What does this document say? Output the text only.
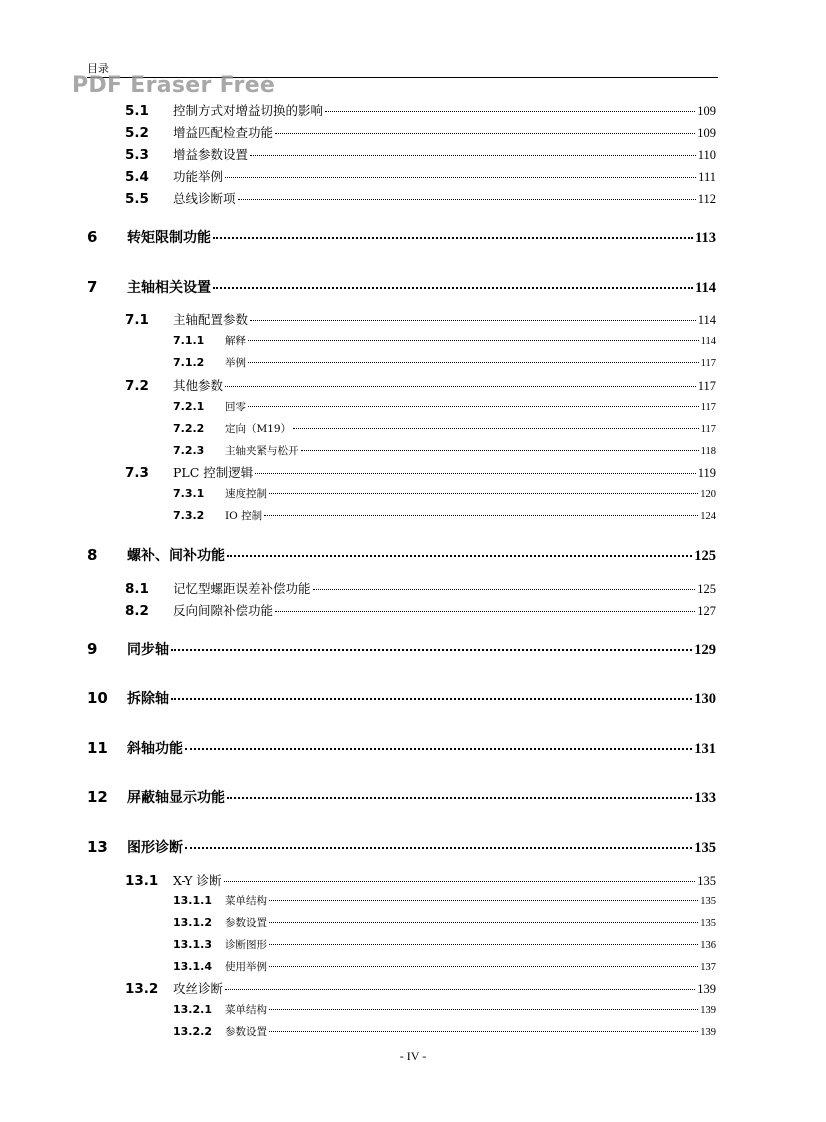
目录
PDF Eraser Free
5.1	控制方式对增益切换的影响	109
5.2	增益匹配检查功能	109
5.3	增益参数设置	110
5.4	功能举例	111
5.5	总线诊断项	112
6	转矩限制功能	113
7	主轴相关设置	114
7.1	主轴配置参数	114
7.1.1	解释	114
7.1.2	举例	117
7.2	其他参数	117
7.2.1	回零	117
7.2.2	定向（M19）	117
7.2.3	主轴夹紧与松开	118
7.3	PLC 控制逻辑	119
7.3.1	速度控制	120
7.3.2	IO 控制	124
8	螺补、间补功能	125
8.1	记忆型螺距误差补偿功能	125
8.2	反向间隙补偿功能	127
9	同步轴	129
10	拆除轴	130
11	斜轴功能	131
12	屏蔽轴显示功能	133
13	图形诊断	135
13.1	X-Y 诊断	135
13.1.1	菜单结构	135
13.1.2	参数设置	135
13.1.3	诊断图形	136
13.1.4	使用举例	137
13.2	攻丝诊断	139
13.2.1	菜单结构	139
13.2.2	参数设置	139
- IV -
